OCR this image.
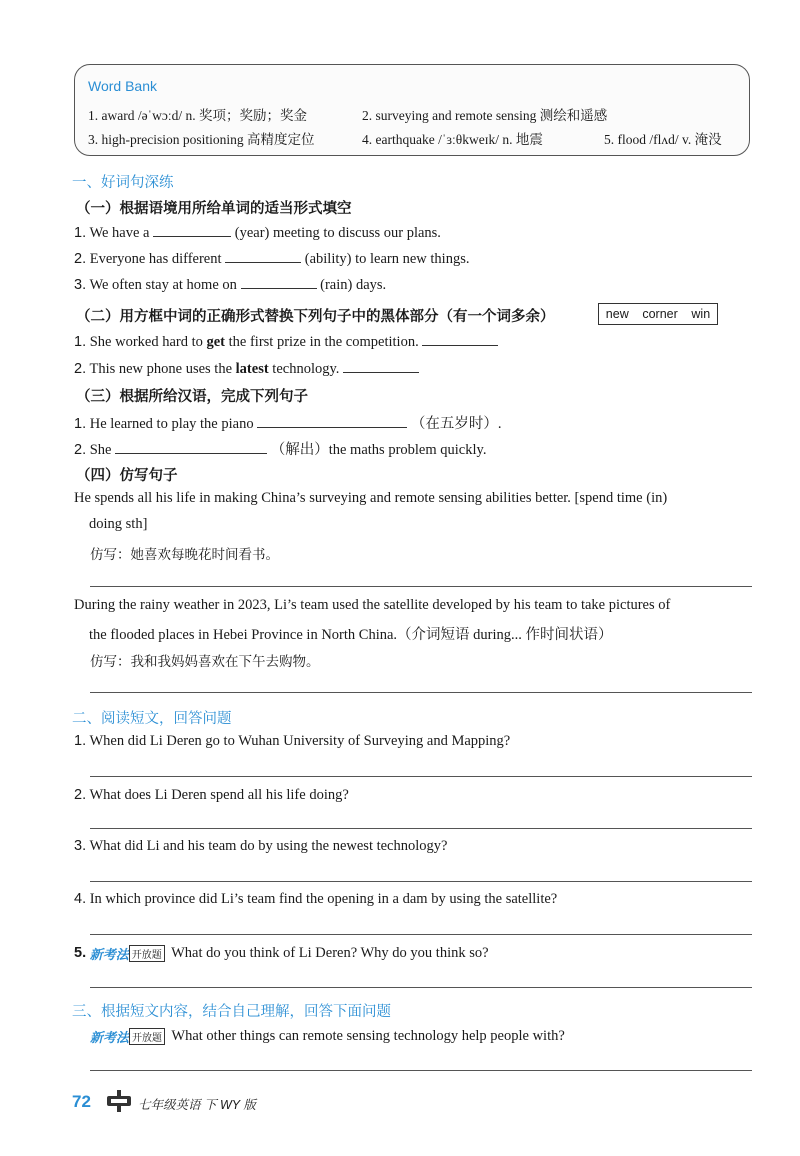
Word Bank
1. award /əˈwɔːd/ n. 奖项；奖励；奖金	2. surveying and remote sensing 测绘和遥感
3. high-precision positioning 高精度定位	4. earthquake /ˈɜːθkweɪk/ n. 地震	5. flood /flʌd/ v. 淹没
一、好词句深练
（一）根据语境用所给单词的适当形式填空
1. We have a	(year) meeting to discuss our plans.
2. Everyone has different	(ability) to learn new things.
3. We often stay at home on	(rain) days.
（二）用方框中词的正确形式替换下列句子中的黑体部分（有一个词多余）	new corner win
1. She worked hard to get the first prize in the competition.
2. This new phone uses the latest technology.
（三）根据所给汉语，完成下列句子
1. He learned to play the piano	（在五岁时）.
2. She	（解出）the maths problem quickly.
（四）仿写句子
He spends all his life in making China’s surveying and remote sensing abilities better. [spend time (in)
doing sth]
仿写：她喜欢每晚花时间看书。
During the rainy weather in 2023, Li’s team used the satellite developed by his team to take pictures of
the flooded places in Hebei Province in North China.（介词短语 during... 作时间状语）
仿写：我和我妈妈喜欢在下午去购物。
二、阅读短文，回答问题
1. When did Li Deren go to Wuhan University of Surveying and Mapping?
2. What does Li Deren spend all his life doing?
3. What did Li and his team do by using the newest technology?
4. In which province did Li’s team find the opening in a dam by using the satellite?
5. 新考法 开放题 What do you think of Li Deren? Why do you think so?
三、根据短文内容，结合自己理解，回答下面问题
新考法 开放题 What other things can remote sensing technology help people with?
72	七年级英语 下 WY 版
